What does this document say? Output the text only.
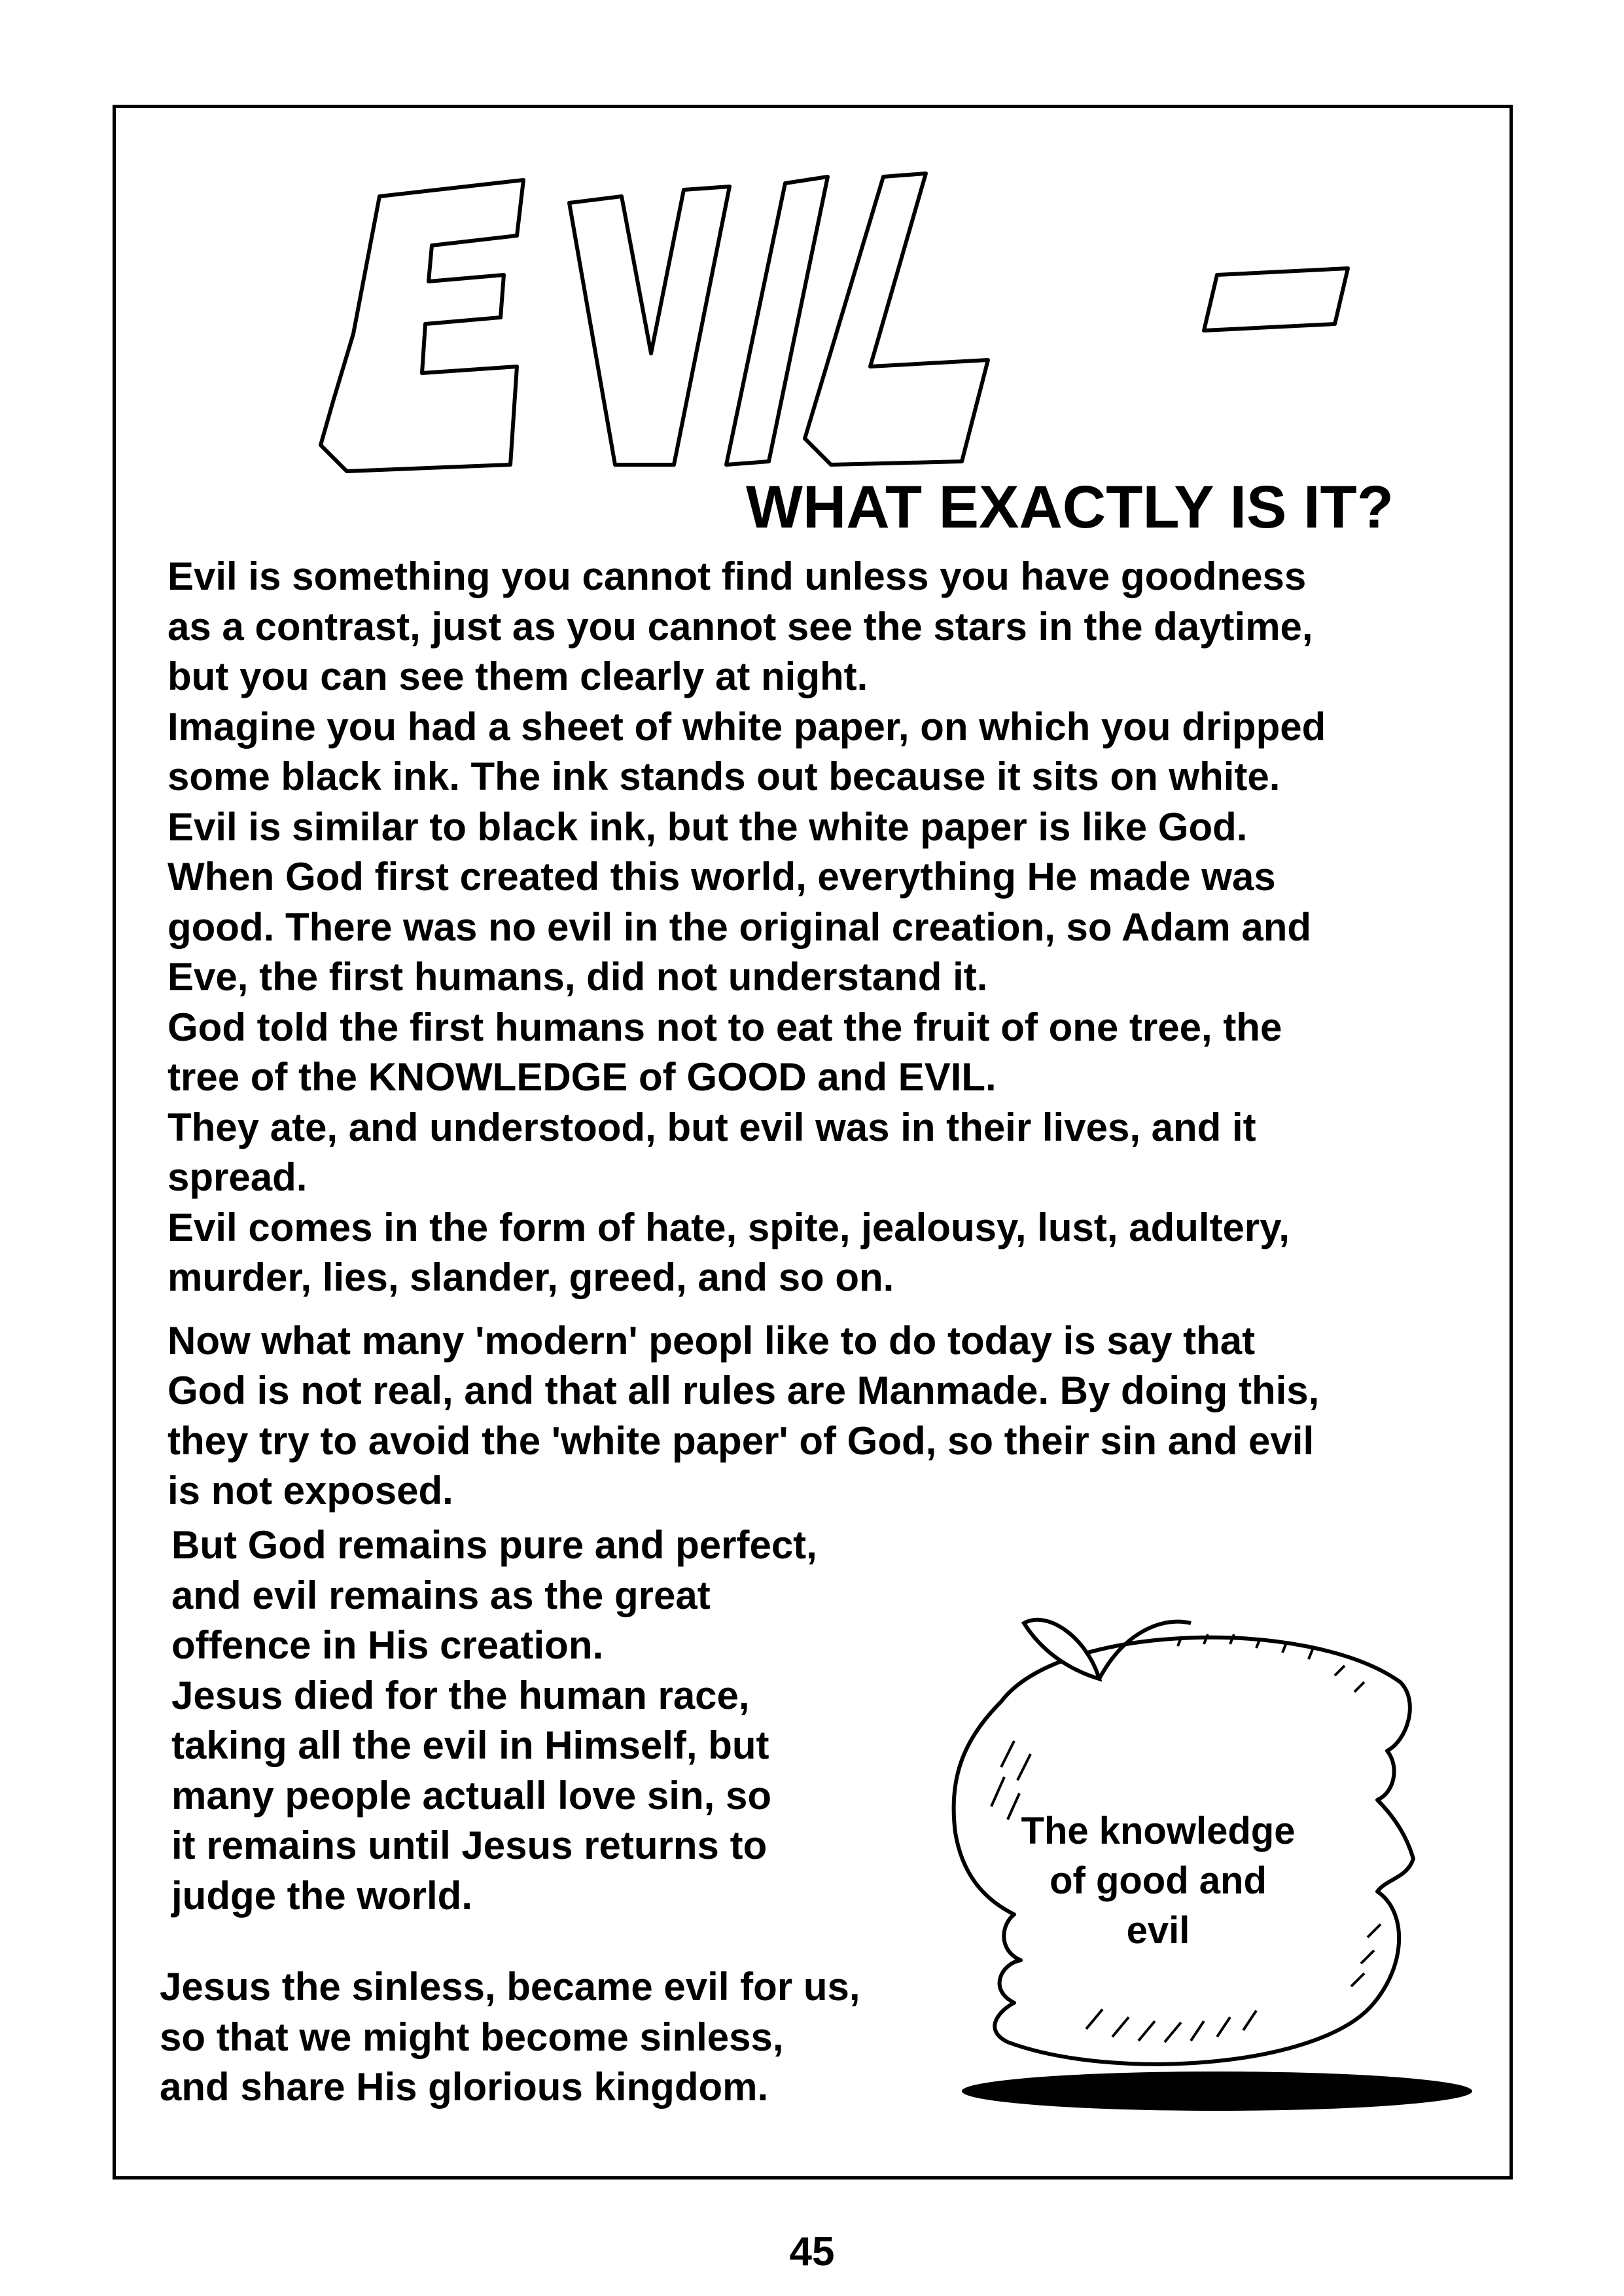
WHAT EXACTLY IS IT?

Evil is something you cannot find unless you have goodness

as a contrast, just as you cannot see the stars in the daytime,

but you can see them clearly at night.

Imagine you had a sheet of white paper, on which you dripped

some black ink. The ink stands out because it sits on white.

Evil is similar to black ink, but the white paper is like God.

When God first created this world, everything He made was

good. There was no evil in the original creation, so Adam and

Eve, the first humans, did not understand it.

God told the first humans not to eat the fruit of one tree, the

tree of the KNOWLEDGE of GOOD and EVIL.

They ate, and understood, but evil was in their lives, and it

spread.

Evil comes in the form of hate, spite, jealousy, lust, adultery,

murder, lies, slander, greed, and so on.

Now what many 'modern' peopl like to do today is say that

God is not real, and that all rules are Manmade. By doing this,

they try to avoid the 'white paper' of God, so their sin and evil

is not exposed.

But God remains pure and perfect,

and evil remains as the great

offence in His creation.

Jesus died for the human race,

taking all the evil in Himself, but

many people actuall love sin, so

it remains until Jesus returns to

judge the world.

Jesus the sinless, became evil for us,

so that we might become sinless,

and share His glorious kingdom.

The knowledge
of good and
evil
45
